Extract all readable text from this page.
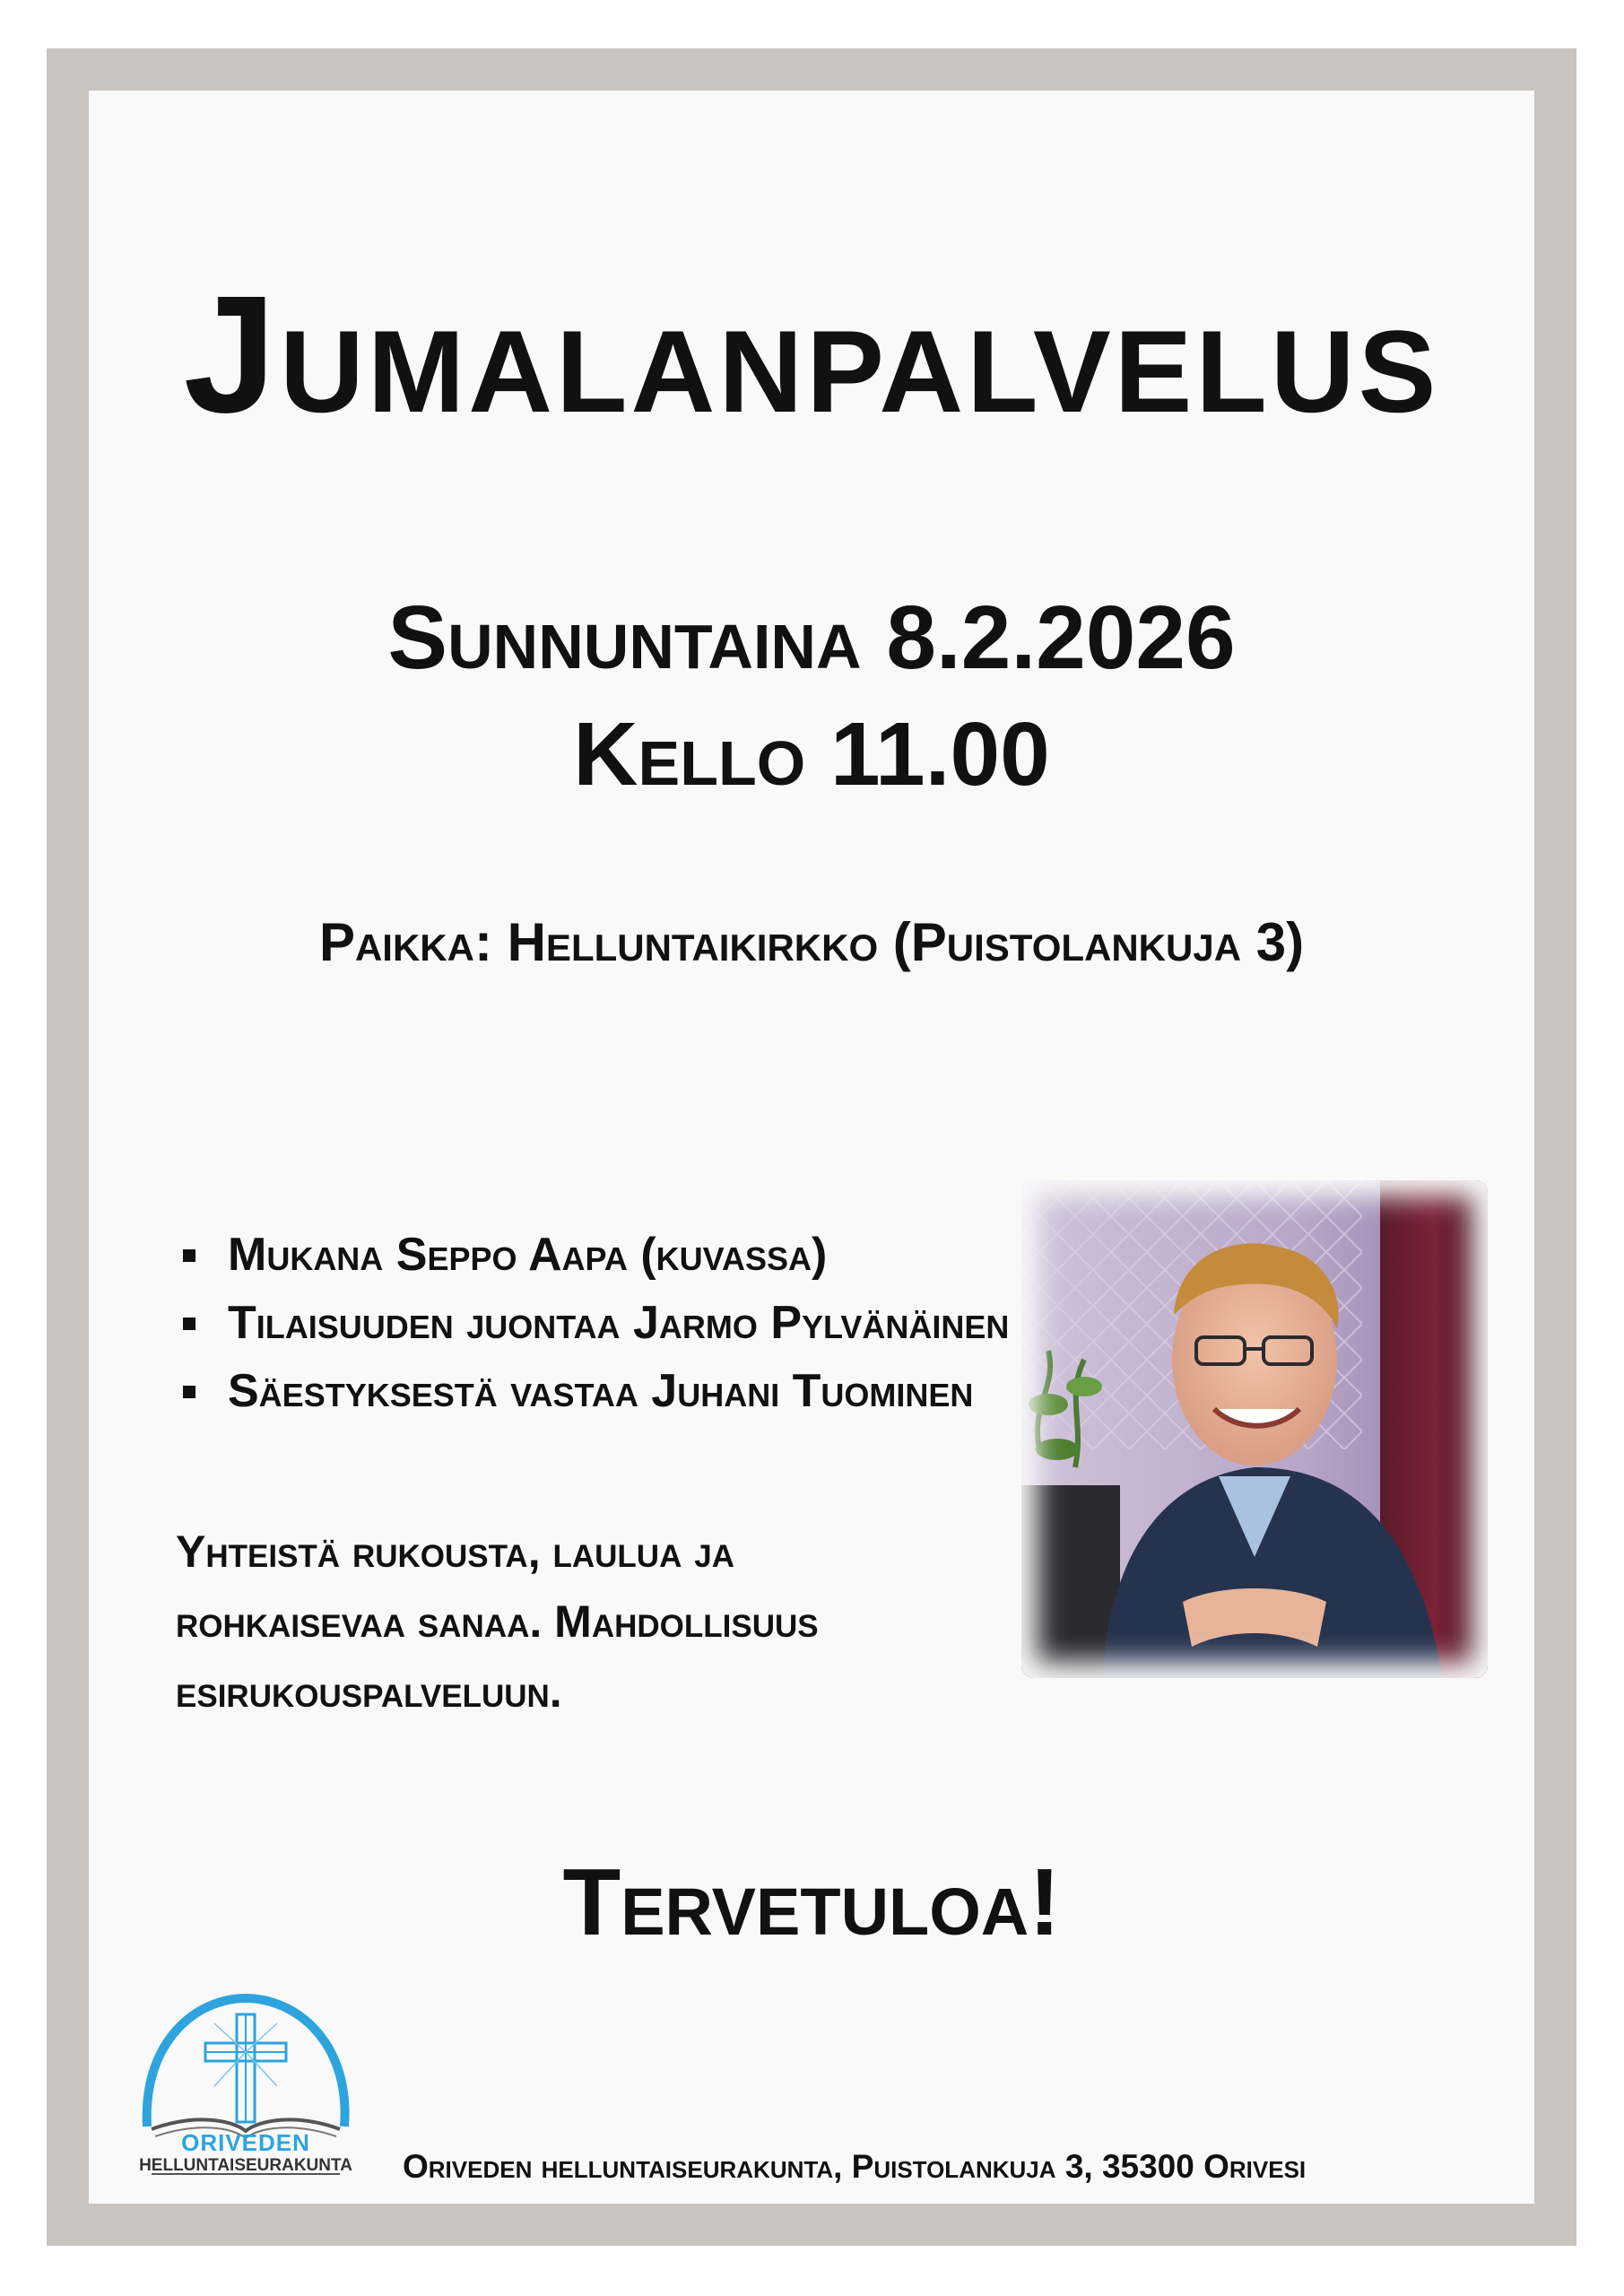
Jumalanpalvelus
Sunnuntaina 8.2.2026
Kello 11.00
Paikka: Helluntaikirkko (Puistolankuja 3)
Mukana Seppo Aapa (kuvassa)
Tilaisuuden juontaa Jarmo Pylvänäinen
Säestyksestä vastaa Juhani Tuominen
Yhteistä rukousta, laulua ja
rohkaisevaa sanaa. Mahdollisuus
esirukouspalveluun.
Tervetuloa!
ORIVEDEN
HELLUNTAISEURAKUNTA	Oriveden helluntaiseurakunta, Puistolankuja 3, 35300 Orivesi
